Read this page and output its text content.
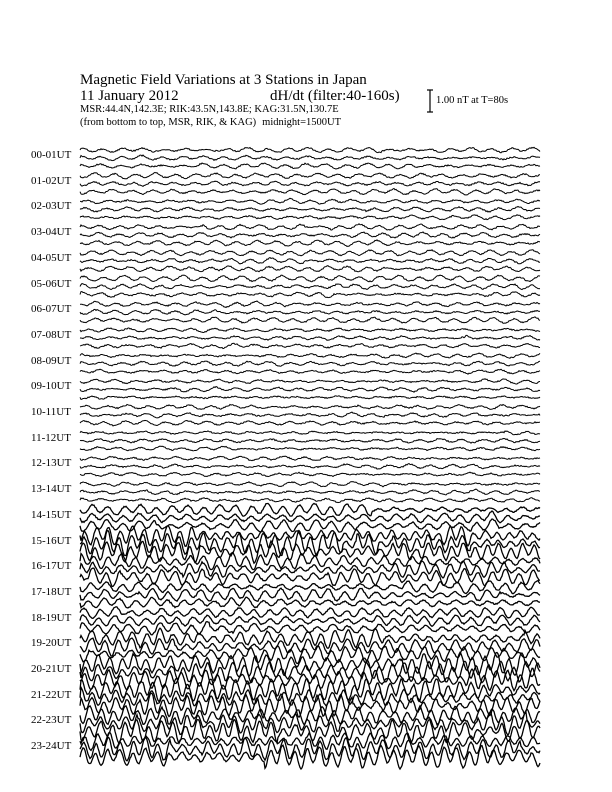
Magnetic Field Variations at 3 Stations in Japan
11 January 2012	dH/dt (filter:40-160s)
MSR:44.4N,142.3E; RIK:43.5N,143.8E; KAG:31.5N,130.7E
(from bottom to top, MSR, RIK, & KAG) midnight=1500UT
1.00 nT at T=80s
00-01UT
01-02UT
02-03UT
03-04UT
04-05UT
05-06UT
06-07UT
07-08UT
08-09UT
09-10UT
10-11UT
11-12UT
12-13UT
13-14UT
14-15UT
15-16UT
16-17UT
17-18UT
18-19UT
19-20UT
20-21UT
21-22UT
22-23UT
23-24UT
